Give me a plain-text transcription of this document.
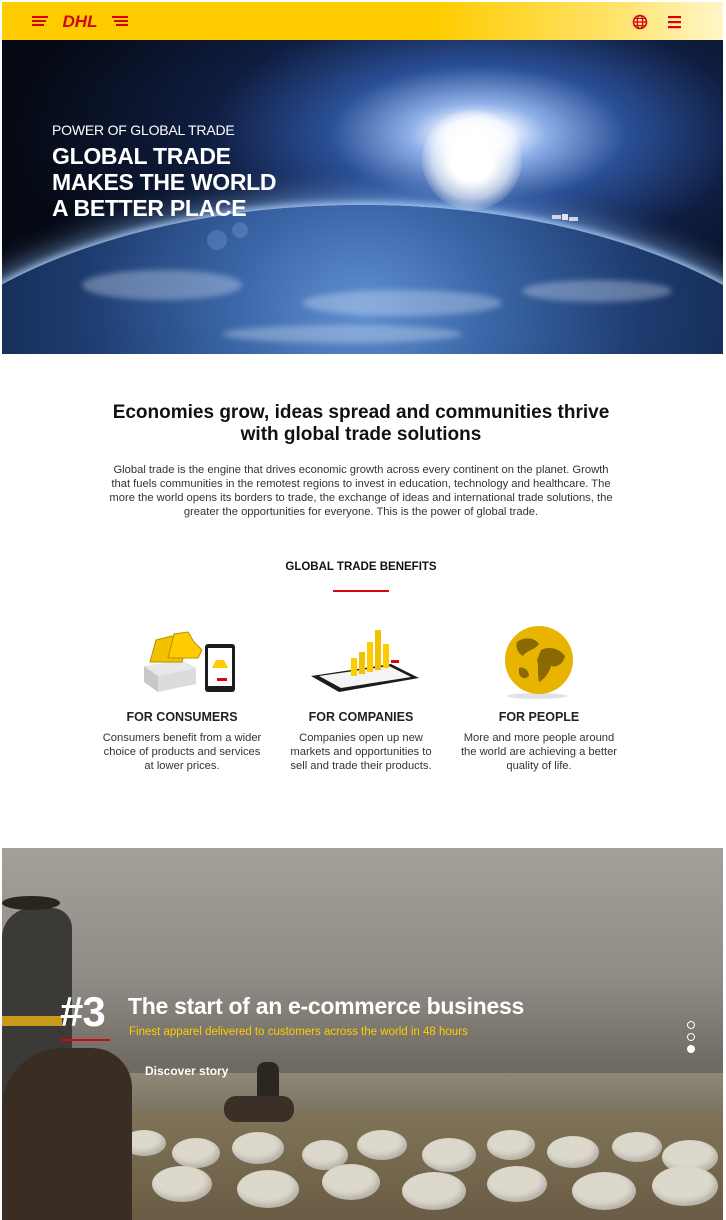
DHL
POWER OF GLOBAL TRADE
GLOBAL TRADE
MAKES THE WORLD
A BETTER PLACE
Economies grow, ideas spread and communities thrive with global trade solutions

Global trade is the engine that drives economic growth across every continent on the planet. Growth that fuels communities in the remotest regions to invest in education, technology and healthcare. The more the world opens its borders to trade, the exchange of ideas and international trade solutions, the greater the opportunities for everyone. This is the power of global trade.

GLOBAL TRADE BENEFITS
FOR CONSUMERS
Consumers benefit from a wider choice of products and services at lower prices.
FOR COMPANIES
Companies open up new markets and opportunities to sell and trade their products.
FOR PEOPLE
More and more people around the world are achieving a better quality of life.
#3 The start of an e-commerce business
Finest apparel delivered to customers across the world in 48 hours
Discover story
